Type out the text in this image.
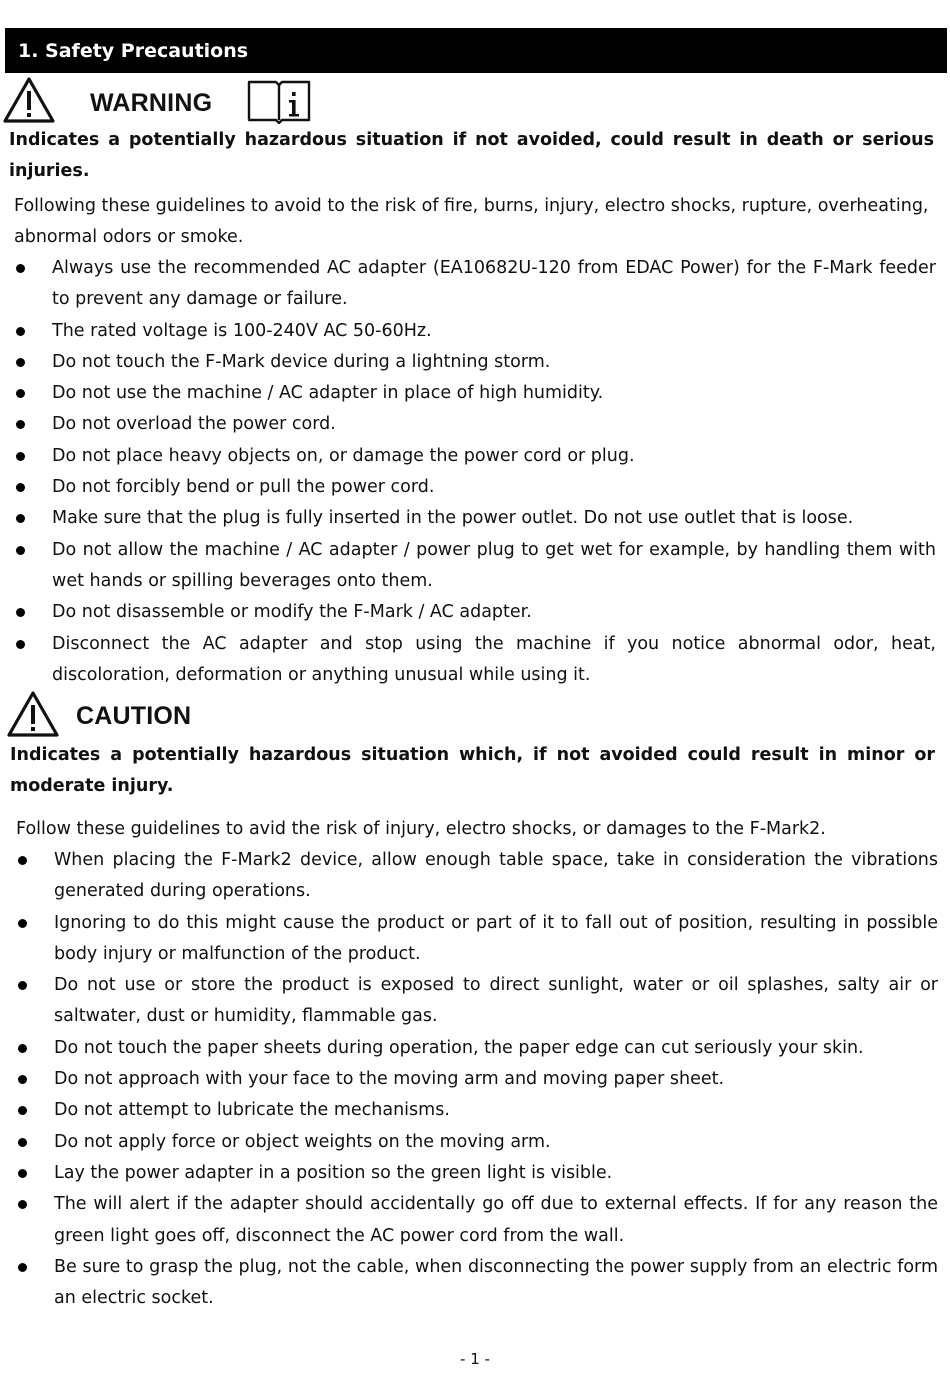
1. Safety Precautions
WARNING

Indicates a potentially hazardous situation if not avoided, could result in death or serious injuries.

Following these guidelines to avoid to the risk of fire, burns, injury, electro shocks, rupture, overheating, abnormal odors or smoke.

Always use the recommended AC adapter (EA10682U-120 from EDAC Power) for the F-Mark feeder to prevent any damage or failure.
The rated voltage is 100-240V AC 50-60Hz.
Do not touch the F-Mark device during a lightning storm.
Do not use the machine / AC adapter in place of high humidity.
Do not overload the power cord.
Do not place heavy objects on, or damage the power cord or plug.
Do not forcibly bend or pull the power cord.
Make sure that the plug is fully inserted in the power outlet. Do not use outlet that is loose.
Do not allow the machine / AC adapter / power plug to get wet for example, by handling them with wet hands or spilling beverages onto them.
Do not disassemble or modify the F-Mark / AC adapter.
Disconnect the AC adapter and stop using the machine if you notice abnormal odor, heat, discoloration, deformation or anything unusual while using it.
CAUTION

Indicates a potentially hazardous situation which, if not avoided could result in minor or moderate injury.

Follow these guidelines to avid the risk of injury, electro shocks, or damages to the F-Mark2.

When placing the F-Mark2 device, allow enough table space, take in consideration the vibrations generated during operations.
Ignoring to do this might cause the product or part of it to fall out of position, resulting in possible body injury or malfunction of the product.
Do not use or store the product is exposed to direct sunlight, water or oil splashes, salty air or saltwater, dust or humidity, flammable gas.
Do not touch the paper sheets during operation, the paper edge can cut seriously your skin.
Do not approach with your face to the moving arm and moving paper sheet.
Do not attempt to lubricate the mechanisms.
Do not apply force or object weights on the moving arm.
Lay the power adapter in a position so the green light is visible.
The will alert if the adapter should accidentally go off due to external effects. If for any reason the green light goes off, disconnect the AC power cord from the wall.
Be sure to grasp the plug, not the cable, when disconnecting the power supply from an electric form an electric socket.
- 1 -
